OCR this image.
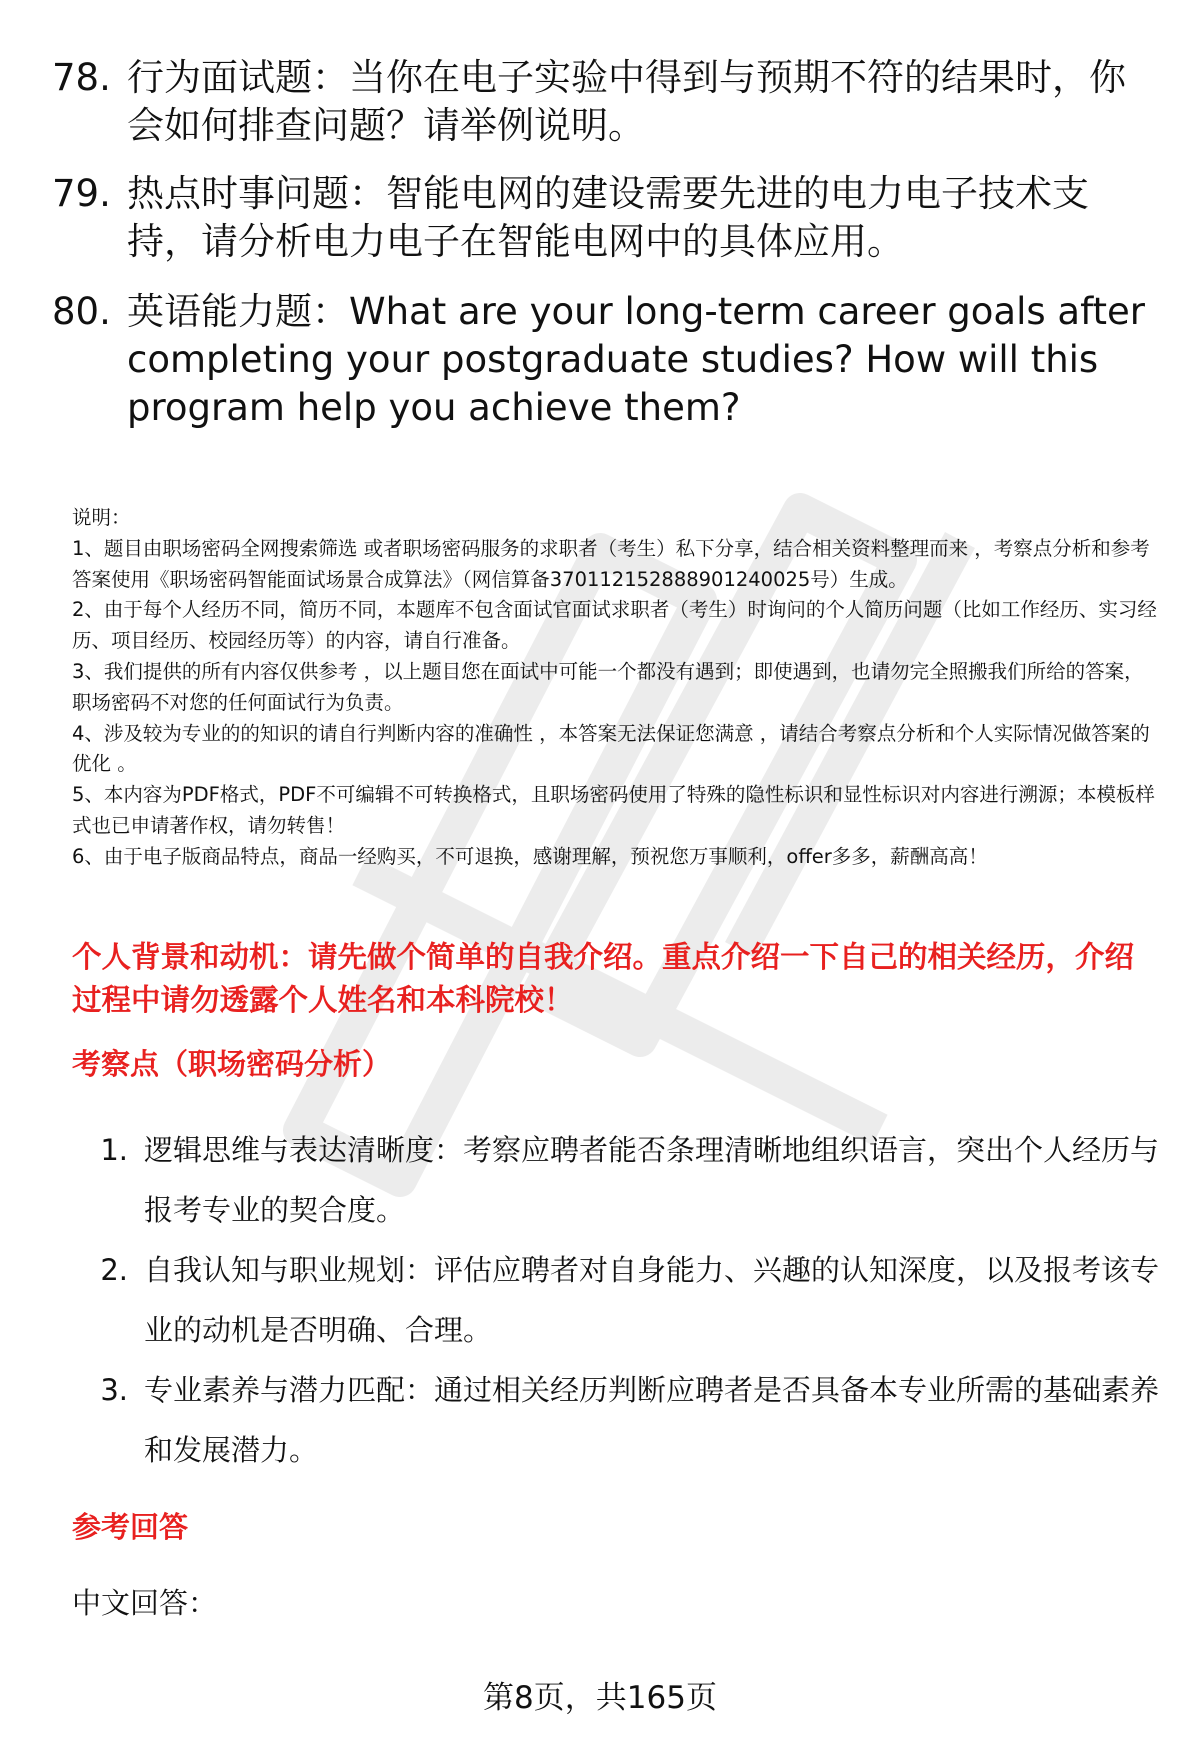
78. 行为面试题：当你在电子实验中得到与预期不符的结果时，你会如何排查问题？请举例说明。
79. 热点时事问题：智能电网的建设需要先进的电力电子技术支持，请分析电力电子在智能电网中的具体应用。
80. 英语能力题：What are your long-term career goals after completing your postgraduate studies? How will this program help you achieve them?
说明：
1、题目由职场密码全网搜索筛选 或者职场密码服务的求职者（考生）私下分享，结合相关资料整理而来 ，考察点分析和参考答案使用《职场密码智能面试场景合成算法》（网信算备370112152888901240025号）生成。
2、由于每个人经历不同，简历不同，本题库不包含面试官面试求职者（考生）时询问的个人简历问题（比如工作经历、实习经历、项目经历、校园经历等）的内容，请自行准备。
3、我们提供的所有内容仅供参考 ，以上题目您在面试中可能一个都没有遇到；即使遇到，也请勿完全照搬我们所给的答案，职场密码不对您的任何面试行为负责。
4、涉及较为专业的的知识的请自行判断内容的准确性 ，本答案无法保证您满意 ，请结合考察点分析和个人实际情况做答案的优化 。
5、本内容为PDF格式，PDF不可编辑不可转换格式，且职场密码使用了特殊的隐性标识和显性标识对内容进行溯源；本模板样式也已申请著作权，请勿转售！
6、由于电子版商品特点，商品一经购买，不可退换，感谢理解，预祝您万事顺利，offer多多，薪酬高高！
个人背景和动机：请先做个简单的自我介绍。重点介绍一下自己的相关经历，介绍过程中请勿透露个人姓名和本科院校！
考察点（职场密码分析）
1. 逻辑思维与表达清晰度：考察应聘者能否条理清晰地组织语言，突出个人经历与报考专业的契合度。
2. 自我认知与职业规划：评估应聘者对自身能力、兴趣的认知深度，以及报考该专业的动机是否明确、合理。
3. 专业素养与潜力匹配：通过相关经历判断应聘者是否具备本专业所需的基础素养和发展潜力。
参考回答
中文回答：
第8页，共165页
